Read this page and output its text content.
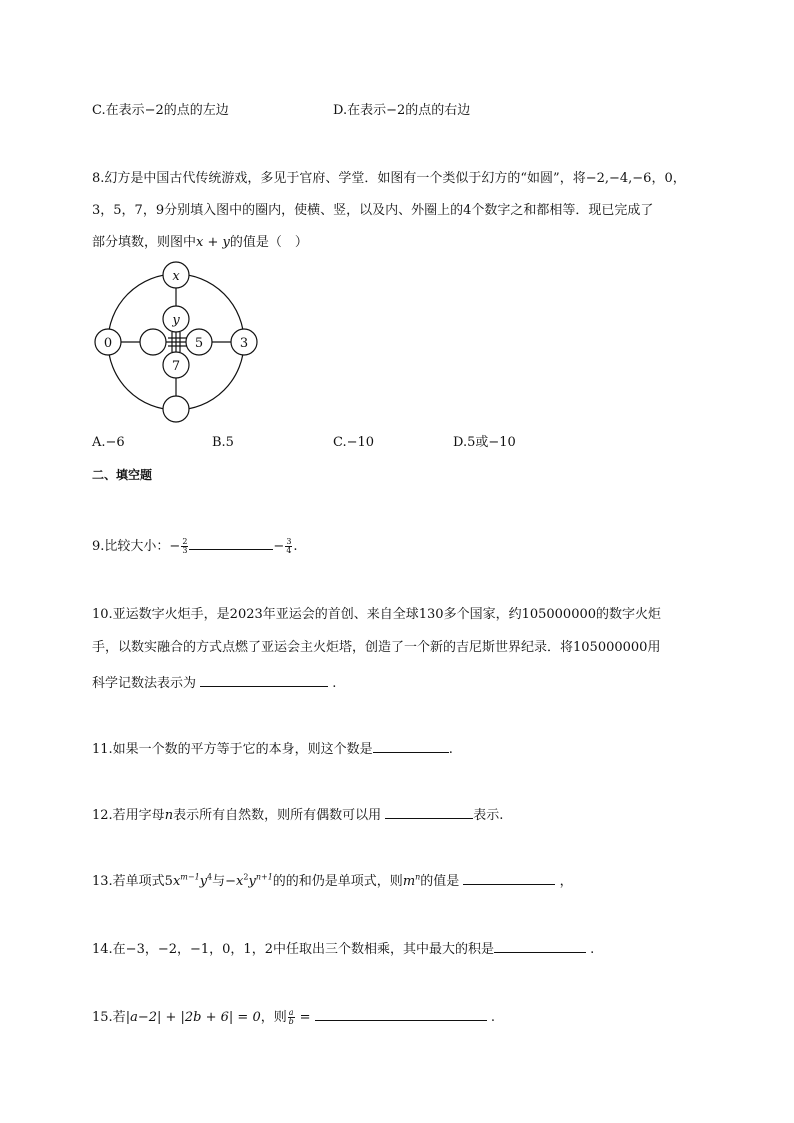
C.在表示−2的点的左边	D.在表示−2的点的右边
8.幻方是中国古代传统游戏，多见于官府、学堂．如图有一个类似于幻方的“如圆”，将−2,−4,−6，0，
3，5，7，9分别填入图中的圈内，使横、竖，以及内、外圈上的4个数字之和都相等．现已完成了
部分填数，则图中x + y的值是（　）
x
y
0	3
5
7
A.−6	B.5	C.−10	D.5或−10
二、填空题
9.比较大小：− $\frac{2}{3}$	− $\frac{3}{4}$ .
10.亚运数字火炬手，是2023年亚运会的首创、来自全球130多个国家，约105000000的数字火炬
手，以数实融合的方式点燃了亚运会主火炬塔，创造了一个新的吉尼斯世界纪录．将105000000用
科学记数法表示为	.
11.如果一个数的平方等于它的本身，则这个数是	.
12.若用字母n表示所有自然数，则所有偶数可以用	表示.
13.若单项式$5x^{m-1}y^4$与$-x^2y^{n+1}$的的和仍是单项式，则$m^n$的值是	，
14.在−3，−2，−1，0，1，2中任取出三个数相乘，其中最大的积是	.
15.若|a−2| + |2b + 6| = 0，则 $\frac{a}{b}$ =	.
